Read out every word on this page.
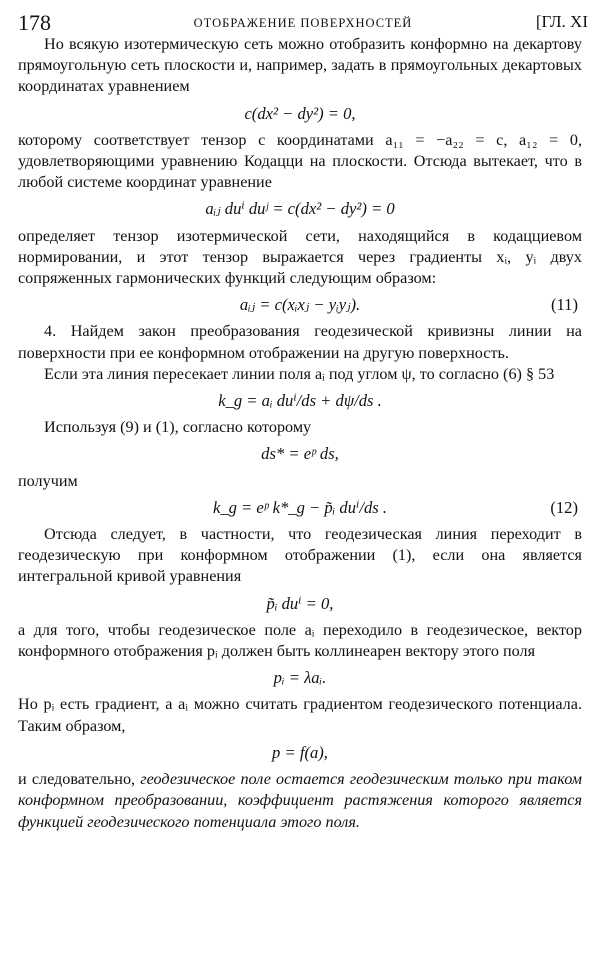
178	ОТОБРАЖЕНИЕ ПОВЕРХНОСТЕЙ	[ГЛ. XI

Но всякую изотермическую сеть можно отобразить конформно на декартову прямоугольную сеть плоскости и, например, задать в прямоугольных декартовых координатах уравнением

c(dx² − dy²) = 0,

которому соответствует тензор с координатами a₁₁ = −a₂₂ = c, a₁₂ = 0, удовлетворяющими уравнению Кодацци на плоскости. Отсюда вытекает, что в любой системе координат уравнение

aᵢⱼ duⁱ duʲ = c(dx² − dy²) = 0

определяет тензор изотермической сети, находящийся в кодацциевом нормировании, и этот тензор выражается через градиенты xᵢ, yᵢ двух сопряженных гармонических функций следующим образом:

aᵢⱼ = c(xᵢxⱼ − yᵢyⱼ).	(11)

4. Найдем закон преобразования геодезической кривизны линии на поверхности при ее конформном отображении на другую поверхность.

Если эта линия пересекает линии поля aᵢ под углом ψ, то согласно (6) § 53

k_g = aᵢ duⁱ/ds + dψ/ds .

Используя (9) и (1), согласно которому

ds* = eᵖ ds,

получим

k_g = eᵖ k*_g − p̃ᵢ duⁱ/ds .	(12)

Отсюда следует, в частности, что геодезическая линия переходит в геодезическую при конформном отображении (1), если она является интегральной кривой уравнения

p̃ᵢ duⁱ = 0,

а для того, чтобы геодезическое поле aᵢ переходило в геодезическое, вектор конформного отображения pᵢ должен быть коллинеарен вектору этого поля

pᵢ = λaᵢ.

Но pᵢ есть градиент, а aᵢ можно считать градиентом геодезического потенциала. Таким образом,

p = f(a),

и следовательно, геодезическое поле остается геодезическим только при таком конформном преобразовании, коэффициент растяжения которого является функцией геодезического потенциала этого поля.
